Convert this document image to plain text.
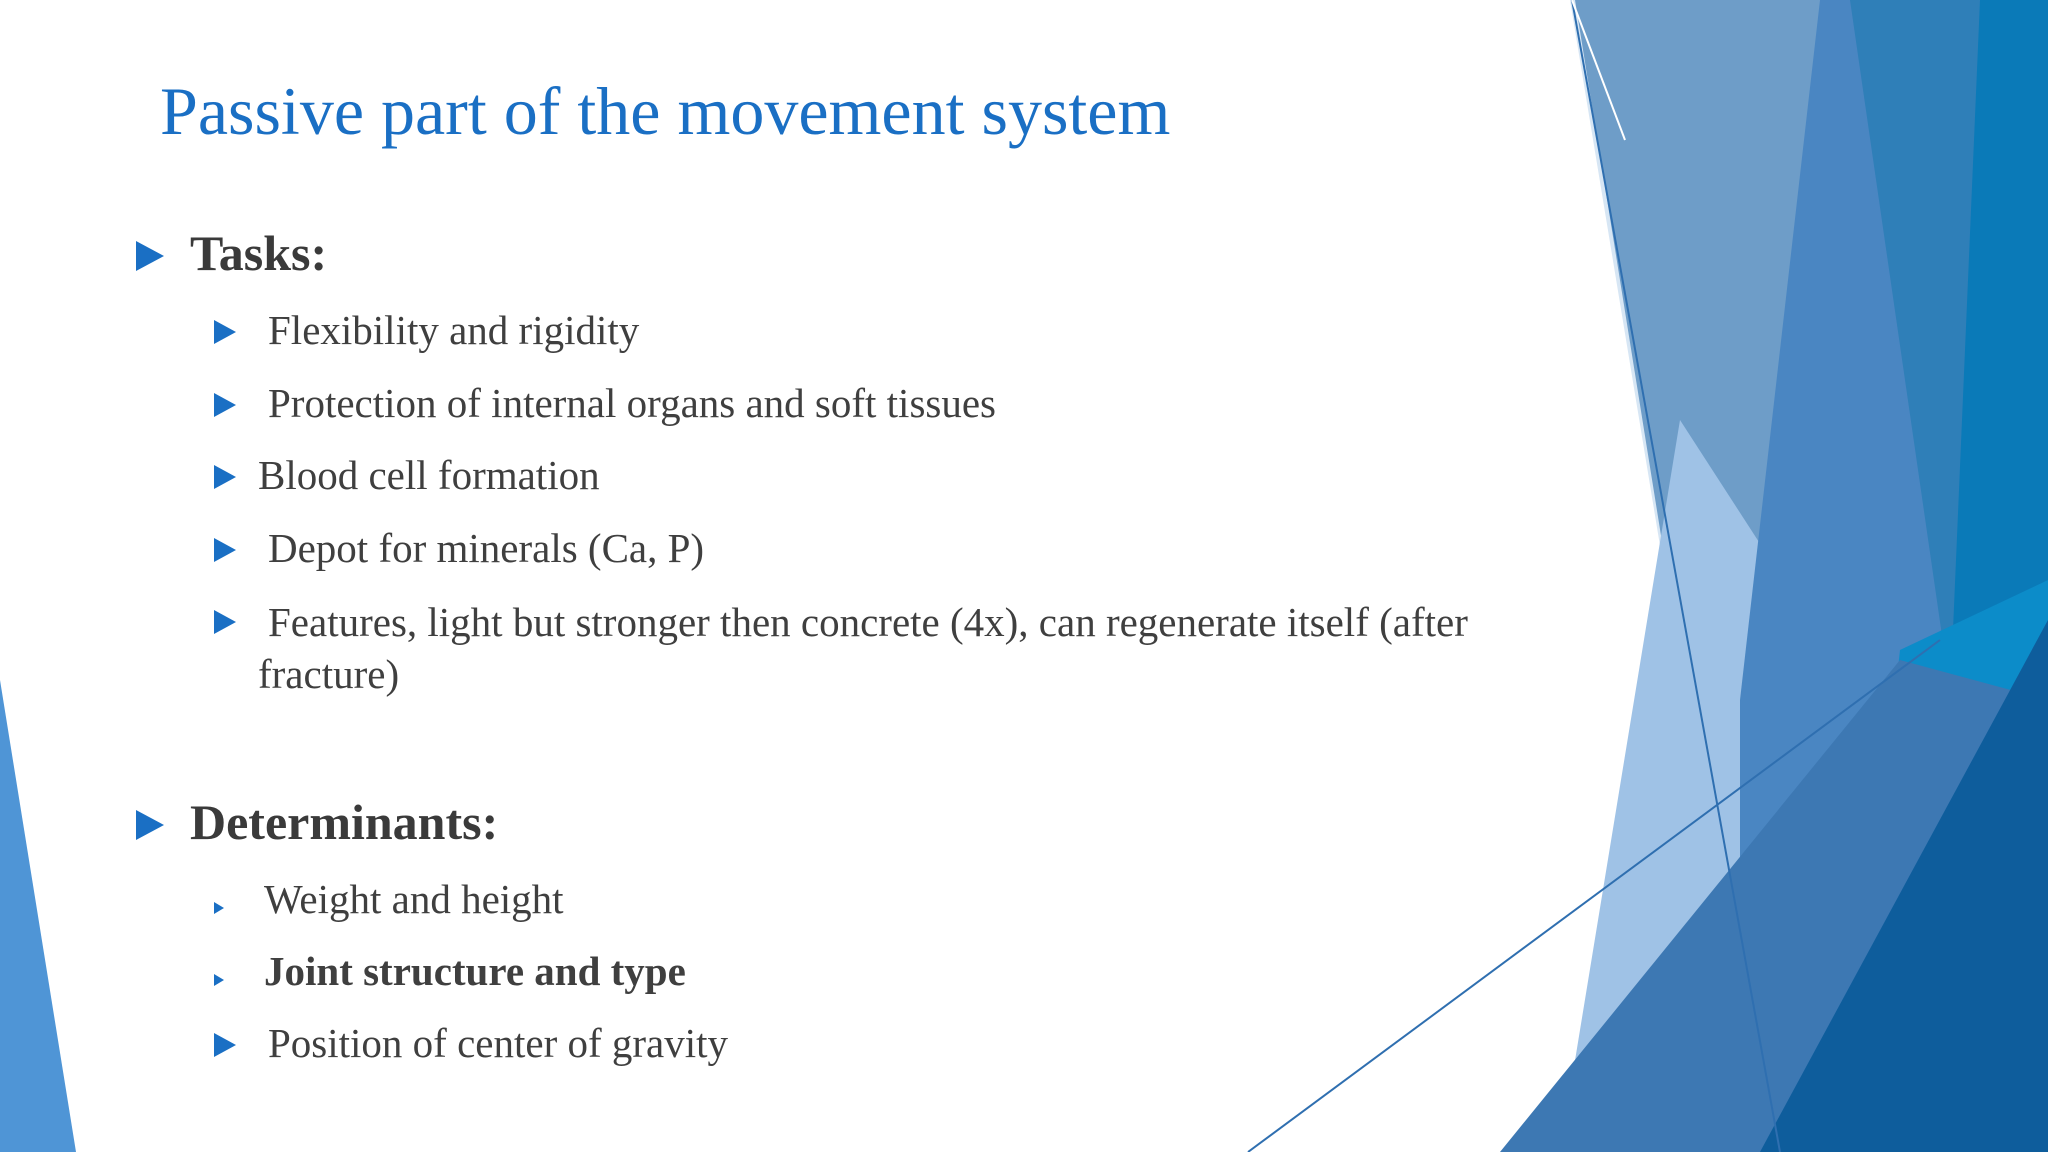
Passive part of the movement system
Tasks:
Flexibility and rigidity
Protection of internal organs and soft tissues
Blood cell formation
Depot for minerals (Ca, P)
Features, light but stronger then concrete (4x), can regenerate itself (after fracture)
Determinants:
Weight and height
Joint structure and type
Position of center of gravity
